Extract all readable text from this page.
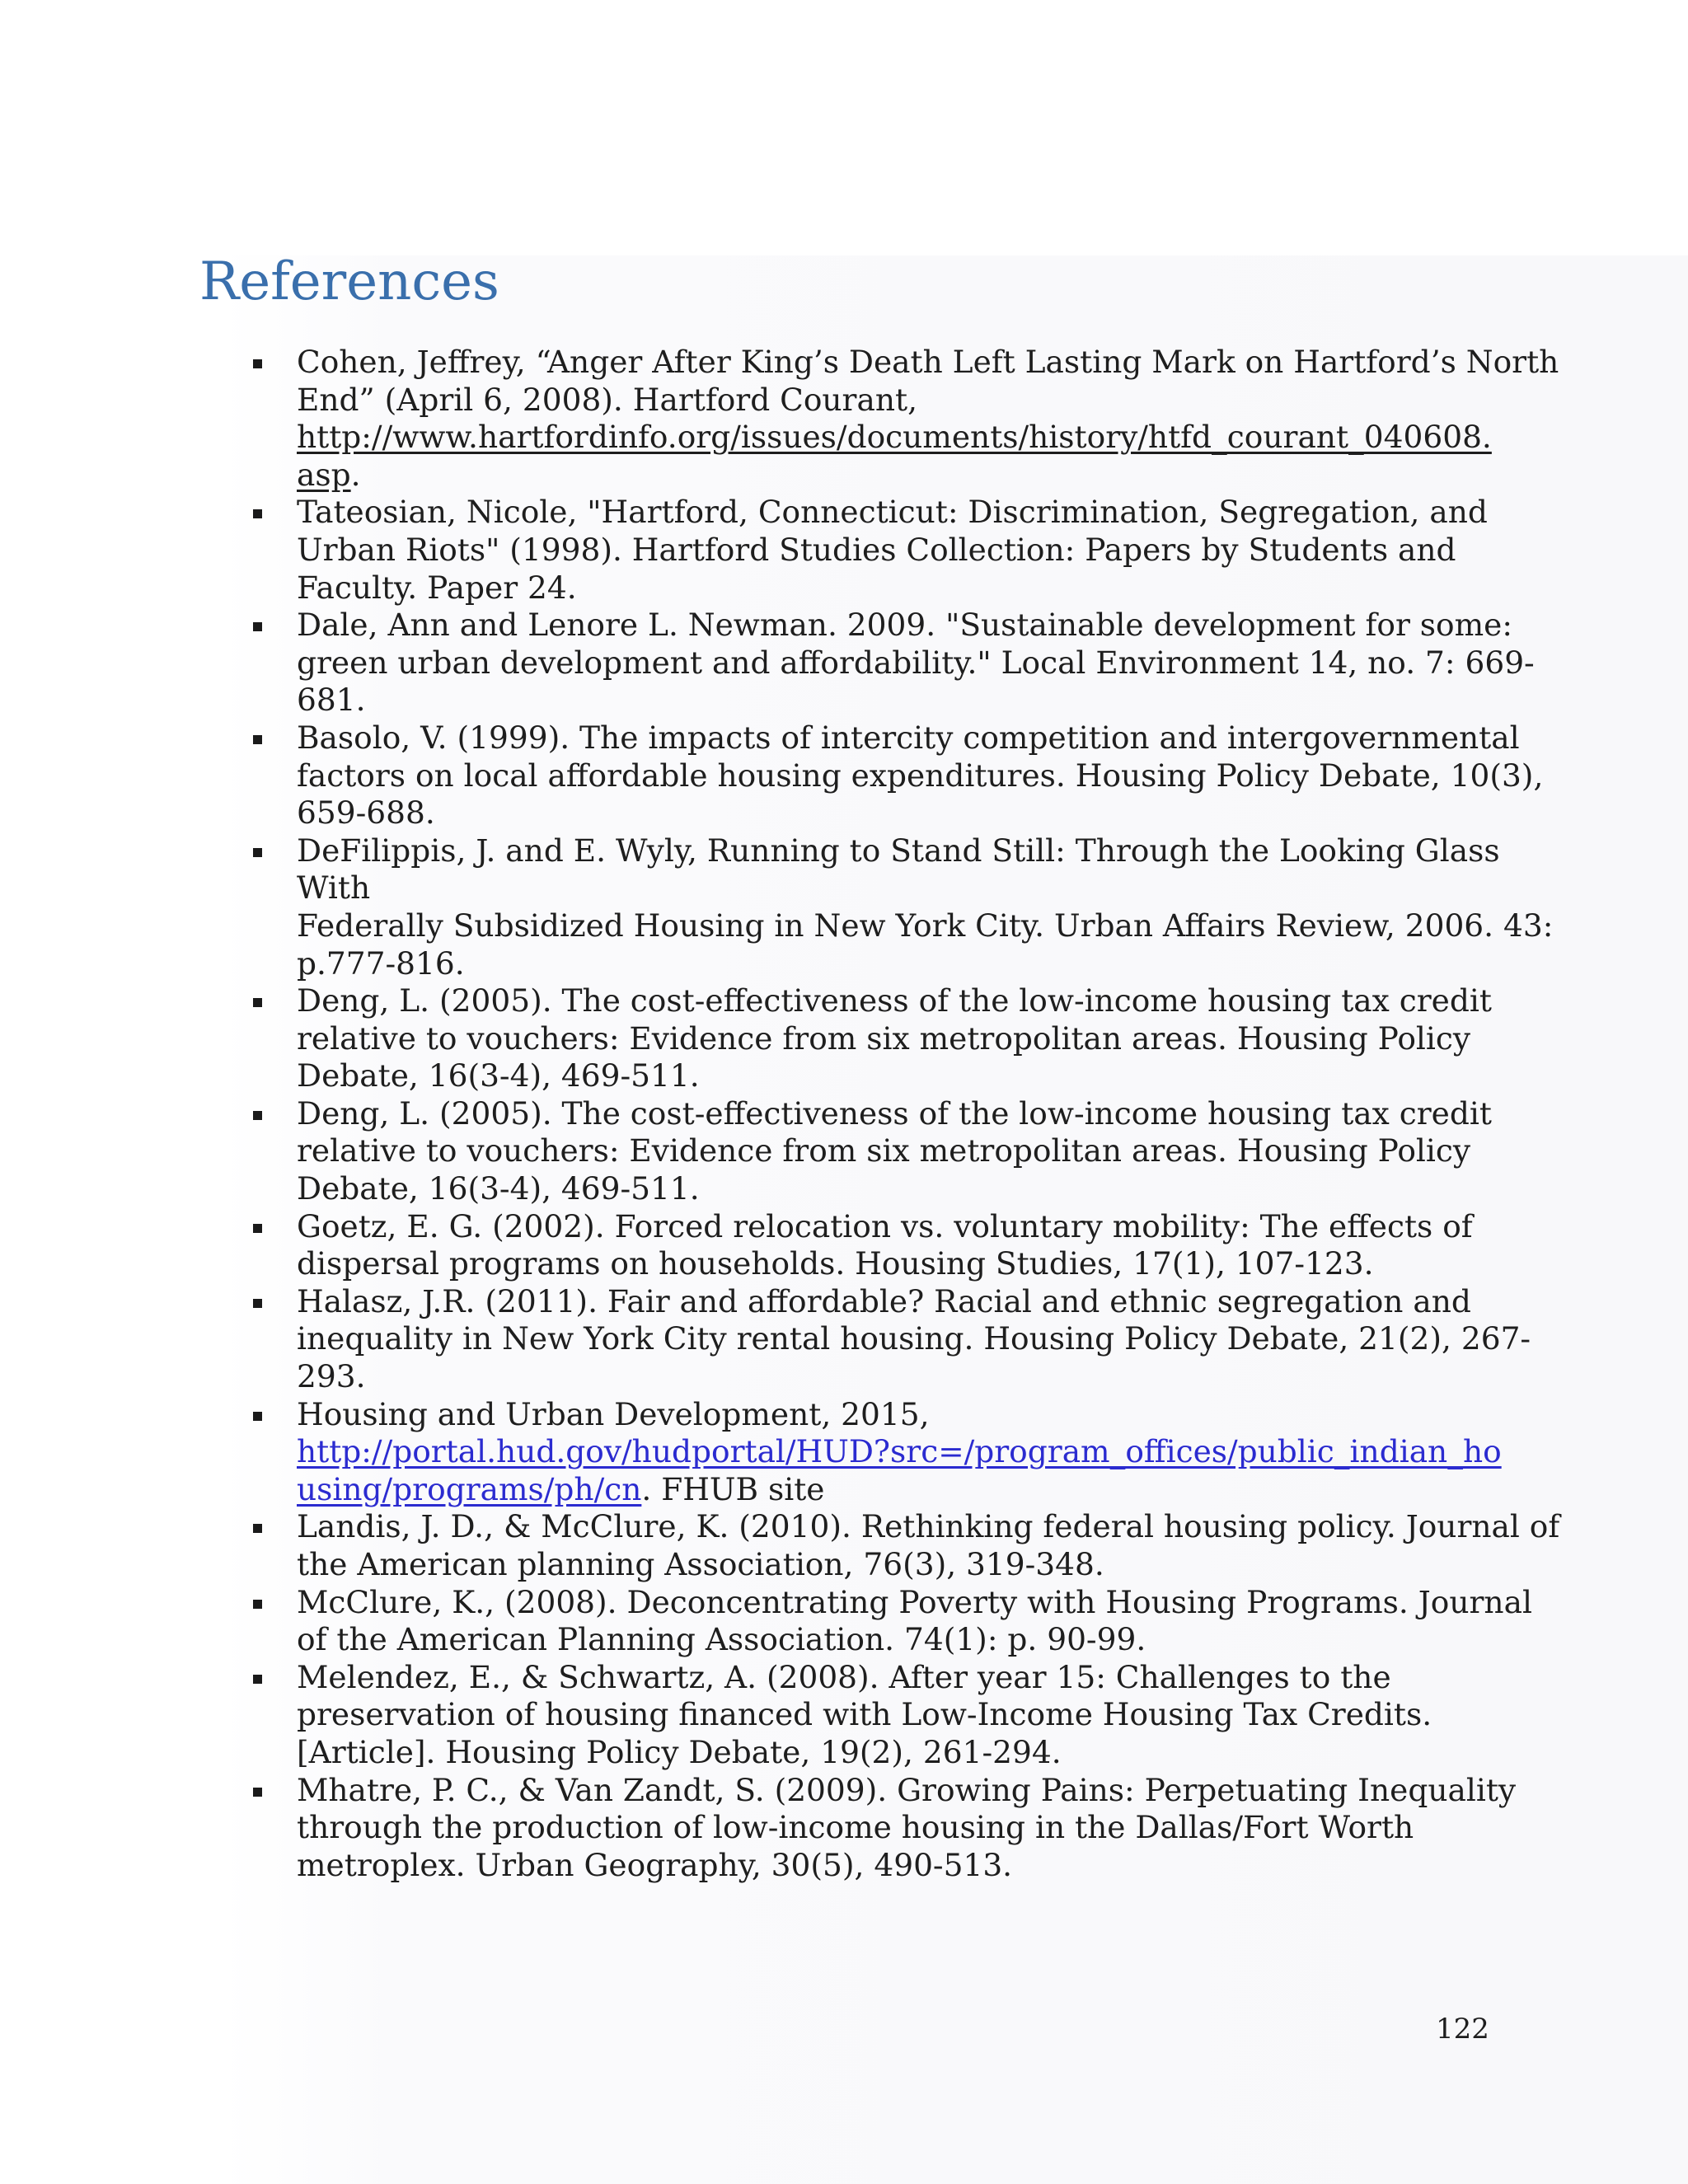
References
Cohen, Jeffrey, “Anger After King’s Death Left Lasting Mark on Hartford’s North
End” (April 6, 2008). Hartford Courant,
http://www.hartfordinfo.org/issues/documents/history/htfd_courant_040608.
asp.
Tateosian, Nicole, "Hartford, Connecticut: Discrimination, Segregation, and
Urban Riots" (1998). Hartford Studies Collection: Papers by Students and
Faculty. Paper 24.
Dale, Ann and Lenore L. Newman. 2009. "Sustainable development for some:
green urban development and affordability." Local Environment 14, no. 7: 669-
681.
Basolo, V. (1999). The impacts of intercity competition and intergovernmental
factors on local affordable housing expenditures. Housing Policy Debate, 10(3),
659-688.
DeFilippis, J. and E. Wyly, Running to Stand Still: Through the Looking Glass
With
Federally Subsidized Housing in New York City. Urban Affairs Review, 2006. 43:
p.777-816.
Deng, L. (2005). The cost-effectiveness of the low-income housing tax credit
relative to vouchers: Evidence from six metropolitan areas. Housing Policy
Debate, 16(3-4), 469-511.
Deng, L. (2005). The cost-effectiveness of the low-income housing tax credit
relative to vouchers: Evidence from six metropolitan areas. Housing Policy
Debate, 16(3-4), 469-511.
Goetz, E. G. (2002). Forced relocation vs. voluntary mobility: The effects of
dispersal programs on households. Housing Studies, 17(1), 107-123.
Halasz, J.R. (2011). Fair and affordable? Racial and ethnic segregation and
inequality in New York City rental housing. Housing Policy Debate, 21(2), 267-
293.
Housing and Urban Development, 2015,
http://portal.hud.gov/hudportal/HUD?src=/program_offices/public_indian_ho
using/programs/ph/cn. FHUB site
Landis, J. D., & McClure, K. (2010). Rethinking federal housing policy. Journal of
the American planning Association, 76(3), 319-348.
McClure, K., (2008). Deconcentrating Poverty with Housing Programs. Journal
of the American Planning Association. 74(1): p. 90-99.
Melendez, E., & Schwartz, A. (2008). After year 15: Challenges to the
preservation of housing financed with Low-Income Housing Tax Credits.
[Article]. Housing Policy Debate, 19(2), 261-294.
Mhatre, P. C., & Van Zandt, S. (2009). Growing Pains: Perpetuating Inequality
through the production of low-income housing in the Dallas/Fort Worth
metroplex. Urban Geography, 30(5), 490-513.
122
